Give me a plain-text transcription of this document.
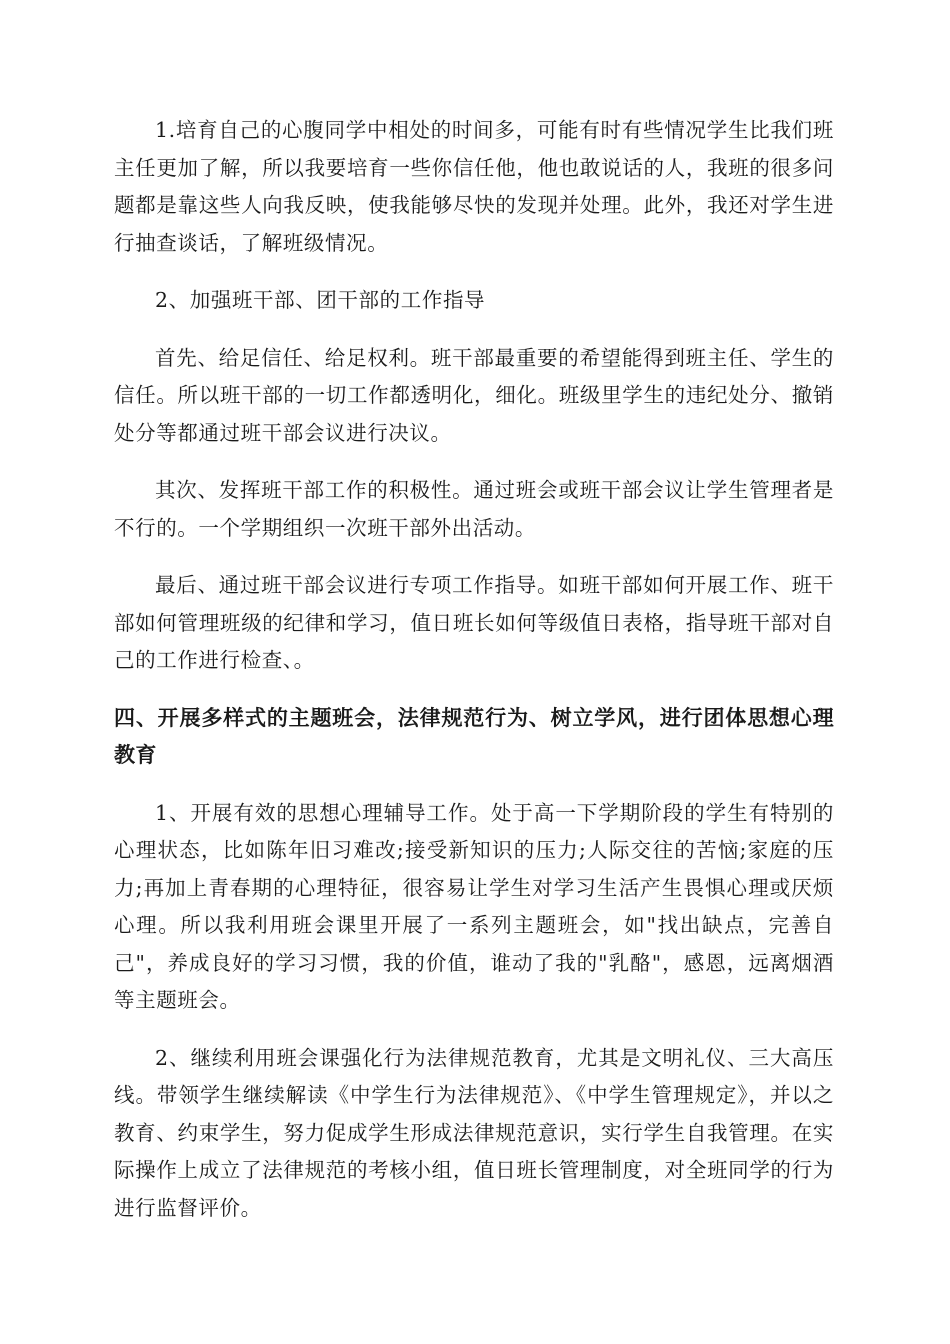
1.培育自己的心腹同学中相处的时间多，可能有时有些情况学生比我们班主任更加了解，所以我要培育一些你信任他，他也敢说话的人，我班的很多问题都是靠这些人向我反映，使我能够尽快的发现并处理。此外，我还对学生进行抽查谈话，了解班级情况。

2、加强班干部、团干部的工作指导

首先、给足信任、给足权利。班干部最重要的希望能得到班主任、学生的信任。所以班干部的一切工作都透明化，细化。班级里学生的违纪处分、撤销处分等都通过班干部会议进行决议。

其次、发挥班干部工作的积极性。通过班会或班干部会议让学生管理者是不行的。一个学期组织一次班干部外出活动。

最后、通过班干部会议进行专项工作指导。如班干部如何开展工作、班干部如何管理班级的纪律和学习，值日班长如何等级值日表格，指导班干部对自己的工作进行检查、。

四、开展多样式的主题班会，法律规范行为、树立学风，进行团体思想心理教育

1、开展有效的思想心理辅导工作。处于高一下学期阶段的学生有特别的心理状态，比如陈年旧习难改;接受新知识的压力;人际交往的苦恼;家庭的压力;再加上青春期的心理特征，很容易让学生对学习生活产生畏惧心理或厌烦心理。所以我利用班会课里开展了一系列主题班会，如"找出缺点，完善自己"，养成良好的学习习惯，我的价值，谁动了我的"乳酪"，感恩，远离烟酒等主题班会。

2、继续利用班会课强化行为法律规范教育，尤其是文明礼仪、三大高压线。带领学生继续解读《中学生行为法律规范》、《中学生管理规定》，并以之教育、约束学生，努力促成学生形成法律规范意识，实行学生自我管理。在实际操作上成立了法律规范的考核小组，值日班长管理制度，对全班同学的行为进行监督评价。
